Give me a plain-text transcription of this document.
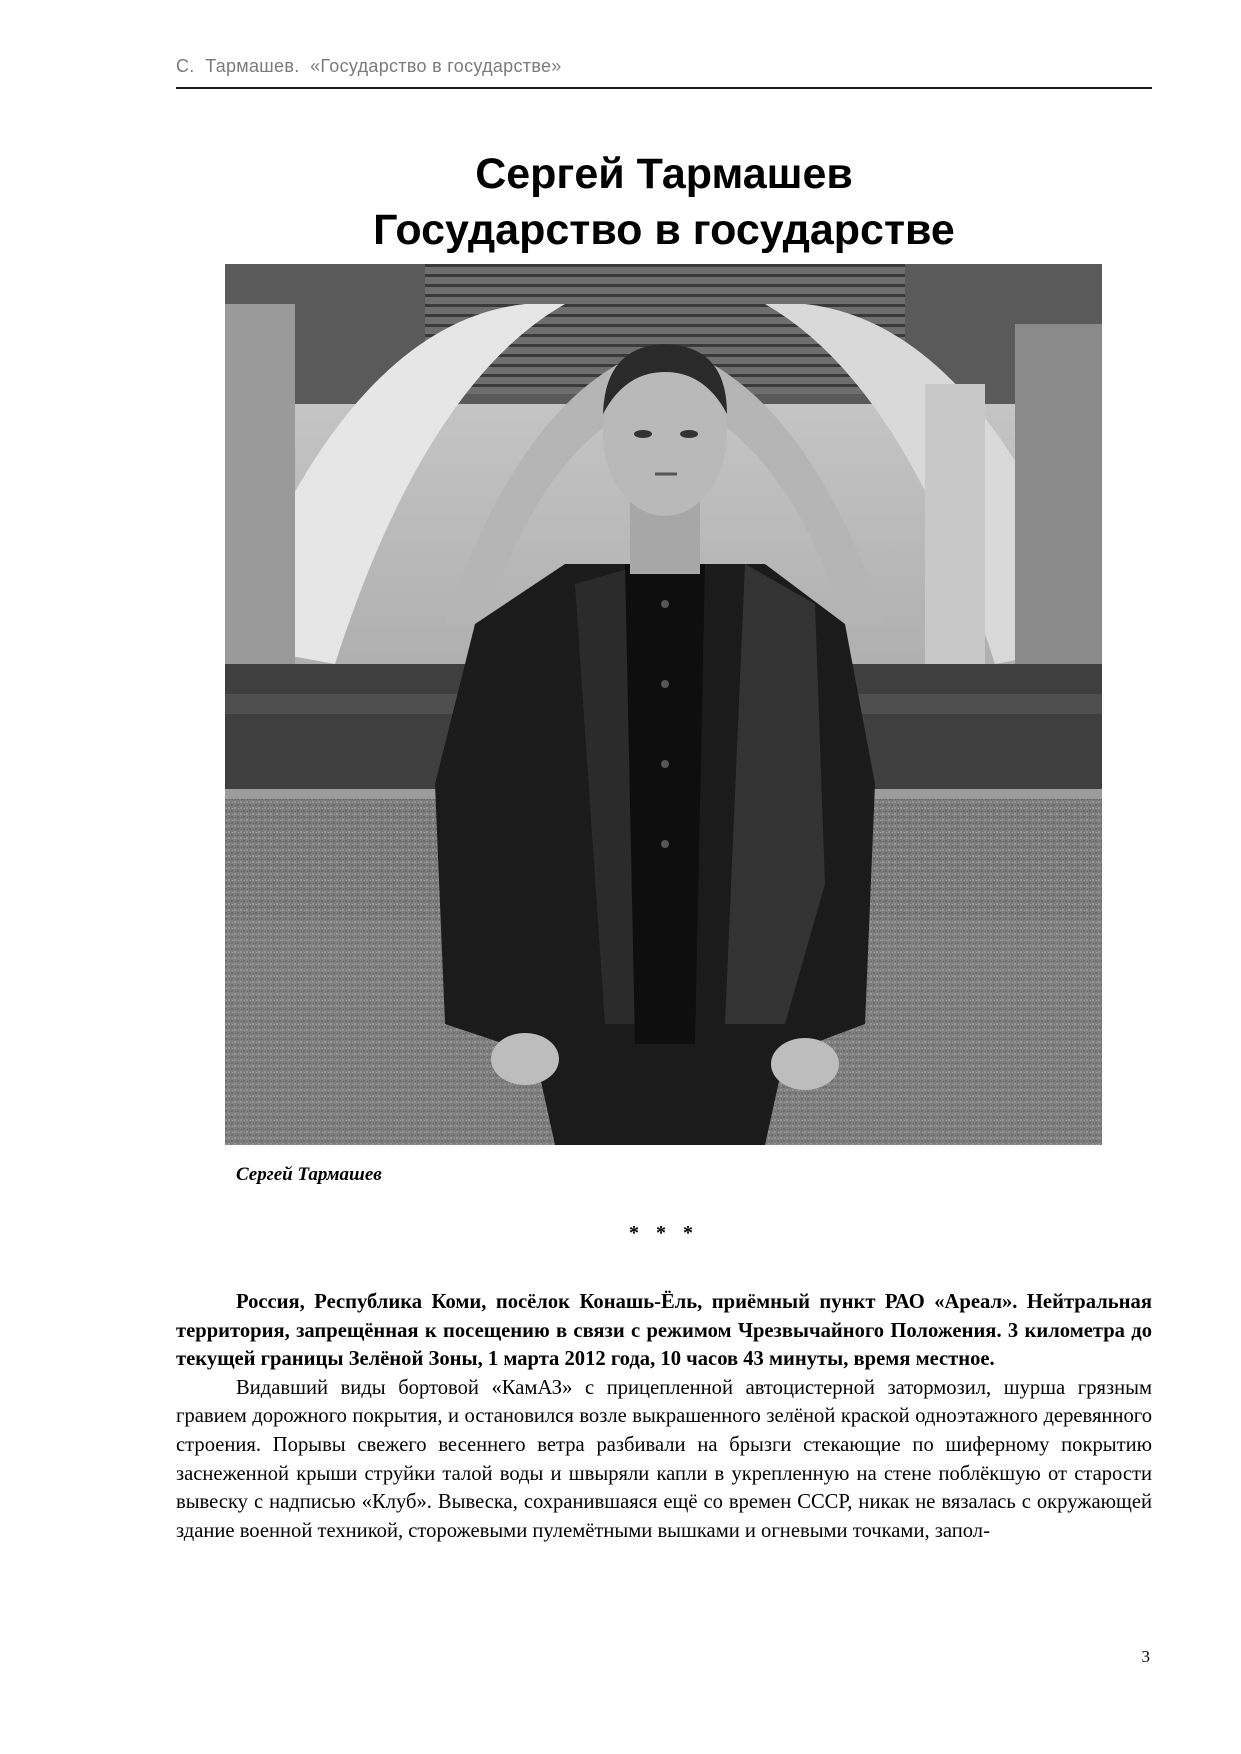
С.  Тармашев.  «Государство в государстве»
Сергей Тармашев
Государство в государстве
Сергей Тармашев
* * *

Россия, Республика Коми, посёлок Конашь-Ёль, приёмный пункт РАО «Ареал». Нейтральная территория, запрещённая к посещению в связи с режимом Чрезвычайного Положения. 3 километра до текущей границы Зелёной Зоны, 1 марта 2012 года, 10 часов 43 минуты, время местное.

Видавший виды бортовой «КамАЗ» с прицепленной автоцистерной затормозил, шурша грязным гравием дорожного покрытия, и остановился возле выкрашенного зелёной краской одноэтажного деревянного строения. Порывы свежего весеннего ветра разбивали на брызги стекающие по шиферному покрытию заснеженной крыши струйки талой воды и швыряли капли в укрепленную на стене поблёкшую от старости вывеску с надписью «Клуб». Вывеска, сохранившаяся ещё со времен СССР, никак не вязалась с окружающей здание военной техникой, сторожевыми пулемётными вышками и огневыми точками, запол-

3
